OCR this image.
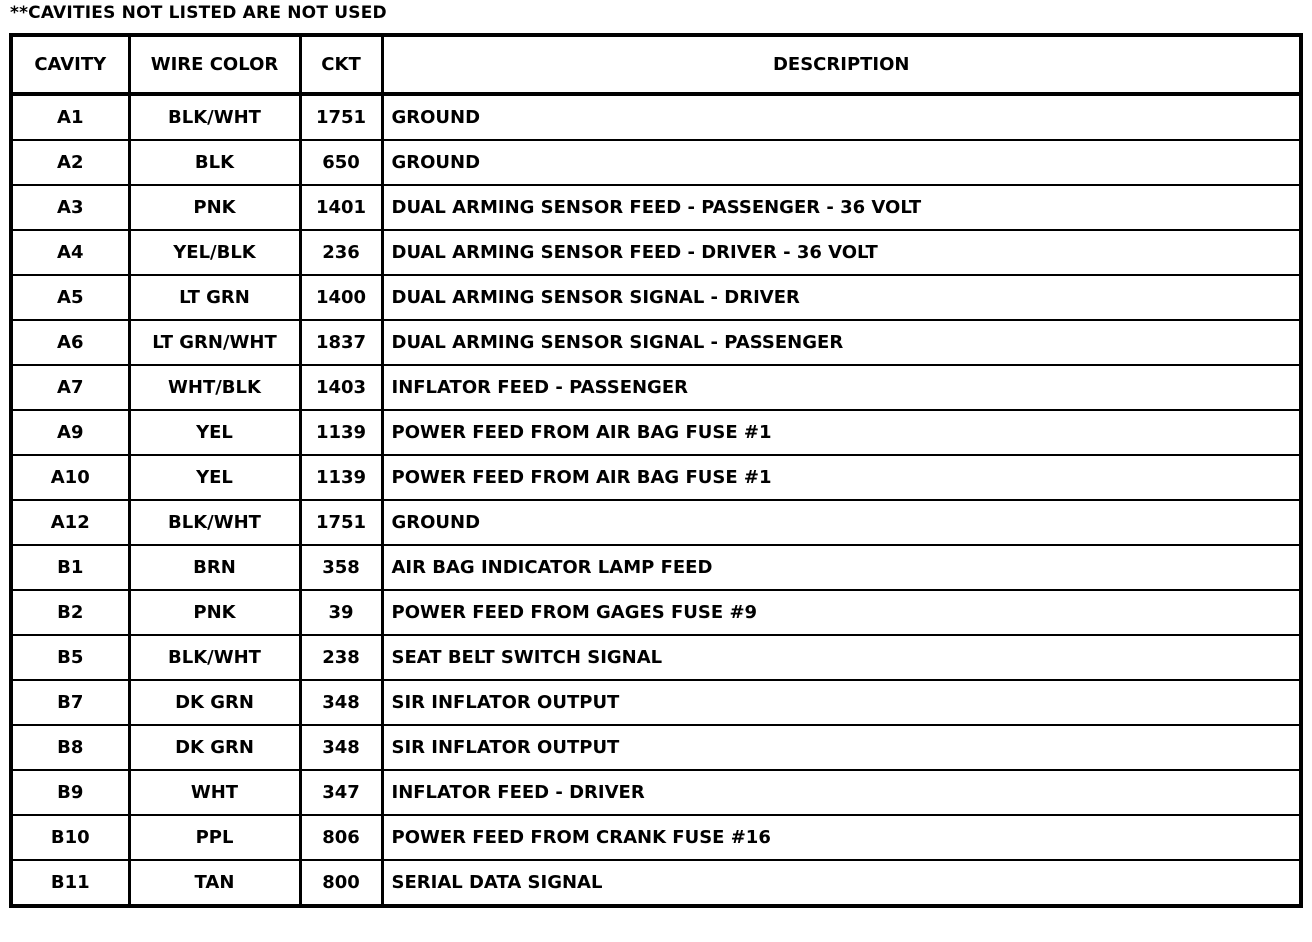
**CAVITIES NOT LISTED ARE NOT USED
CAVITY	WIRE COLOR	CKT	DESCRIPTION
A1	BLK/WHT	1751	GROUND
A2	BLK	650	GROUND
A3	PNK	1401	DUAL ARMING SENSOR FEED - PASSENGER - 36 VOLT
A4	YEL/BLK	236	DUAL ARMING SENSOR FEED - DRIVER - 36 VOLT
A5	LT GRN	1400	DUAL ARMING SENSOR SIGNAL - DRIVER
A6	LT GRN/WHT	1837	DUAL ARMING SENSOR SIGNAL - PASSENGER
A7	WHT/BLK	1403	INFLATOR FEED - PASSENGER
A9	YEL	1139	POWER FEED FROM AIR BAG FUSE #1
A10	YEL	1139	POWER FEED FROM AIR BAG FUSE #1
A12	BLK/WHT	1751	GROUND
B1	BRN	358	AIR BAG INDICATOR LAMP FEED
B2	PNK	39	POWER FEED FROM GAGES FUSE #9
B5	BLK/WHT	238	SEAT BELT SWITCH SIGNAL
B7	DK GRN	348	SIR INFLATOR OUTPUT
B8	DK GRN	348	SIR INFLATOR OUTPUT
B9	WHT	347	INFLATOR FEED - DRIVER
B10	PPL	806	POWER FEED FROM CRANK FUSE #16
B11	TAN	800	SERIAL DATA SIGNAL
